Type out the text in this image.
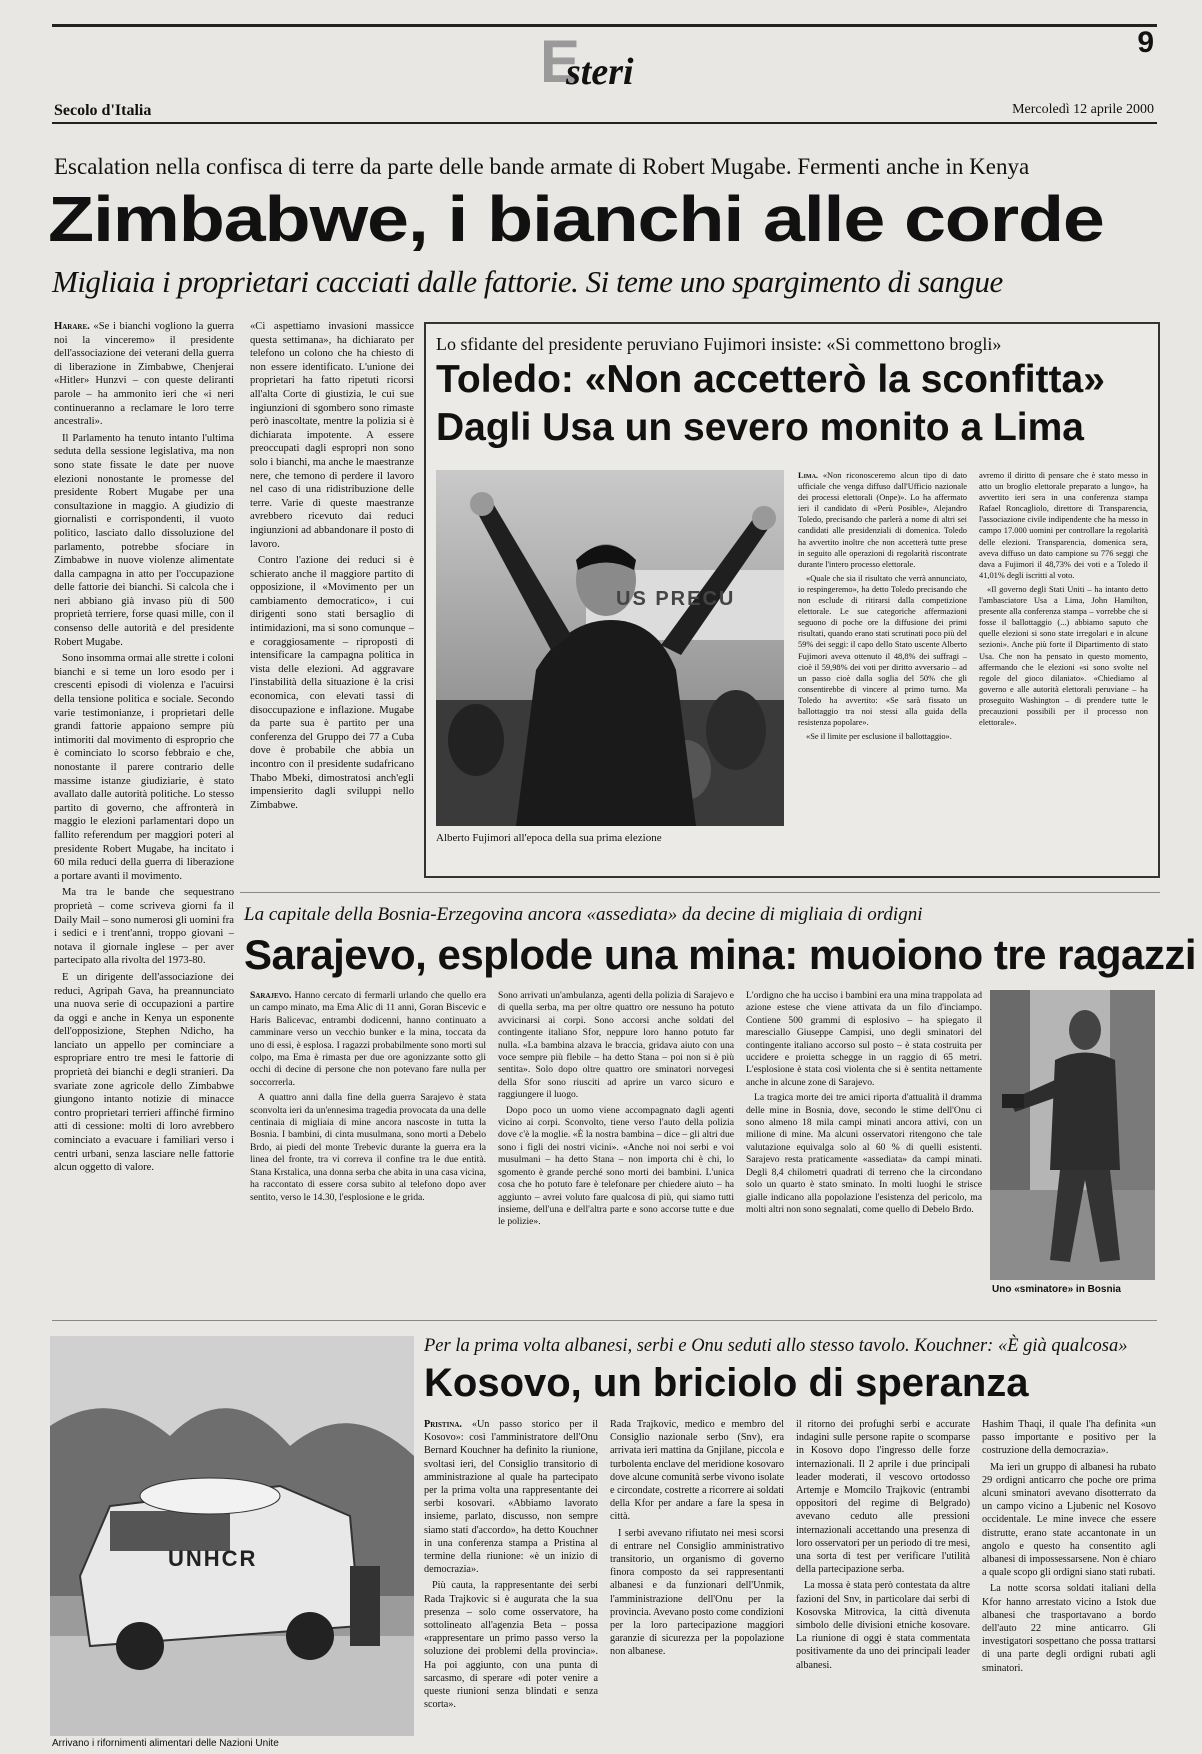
E
steri
9
Secolo d'Italia	Mercoledì 12 aprile 2000
Escalation nella confisca di terre da parte delle bande armate di Robert Mugabe. Fermenti anche in Kenya
Zimbabwe, i bianchi alle corde
Migliaia i proprietari cacciati dalle fattorie. Si teme uno spargimento di sangue

Harare. «Se i bianchi vogliono la guerra noi la vinceremo» il presidente dell'associazione dei veterani della guerra di liberazione in Zimbabwe, Chenjerai «Hitler» Hunzvi – con queste deliranti parole – ha ammonito ieri che «i neri continueranno a reclamare le loro terre ancestrali».

Il Parlamento ha tenuto intanto l'ultima seduta della sessione legislativa, ma non sono state fissate le date per nuove elezioni nonostante le promesse del presidente Robert Mugabe per una consultazione in maggio. A giudizio di giornalisti e corrispondenti, il vuoto politico, lasciato dallo dissoluzione del parlamento, potrebbe sfociare in Zimbabwe in nuove violenze alimentate dalla campagna in atto per l'occupazione delle fattorie dei bianchi. Si calcola che i neri abbiano già invaso più di 500 proprietà terriere, forse quasi mille, con il consenso delle autorità e del presidente Robert Mugabe.

Sono insomma ormai alle strette i coloni bianchi e si teme un loro esodo per i crescenti episodi di violenza e l'acuirsi della tensione politica e sociale. Secondo varie testimonianze, i proprietari delle grandi fattorie appaiono sempre più intimoriti dal movimento di esproprio che è cominciato lo scorso febbraio e che, nonostante il parere contrario delle massime istanze giudiziarie, è stato avallato dalle autorità politiche. Lo stesso partito di governo, che affronterà in maggio le elezioni parlamentari dopo un fallito referendum per maggiori poteri al presidente Robert Mugabe, ha incitato i 60 mila reduci della guerra di liberazione a portare avanti il movimento.

Ma tra le bande che sequestrano proprietà – come scriveva giorni fa il Daily Mail – sono numerosi gli uomini fra i sedici e i trent'anni, troppo giovani – notava il giornale inglese – per aver partecipato alla rivolta del 1973-80.

E un dirigente dell'associazione dei reduci, Agripah Gava, ha preannunciato una nuova serie di occupazioni a partire da oggi e anche in Kenya un esponente dell'opposizione, Stephen Ndicho, ha lanciato un appello per cominciare a espropriare entro tre mesi le fattorie di proprietà dei bianchi e degli stranieri. Da svariate zone agricole dello Zimbabwe giungono intanto notizie di minacce contro proprietari terrieri affinché firmino atti di cessione: molti di loro avrebbero cominciato a evacuare i familiari verso i centri urbani, senza lasciare nelle fattorie alcun oggetto di valore.

«Ci aspettiamo invasioni massicce questa settimana», ha dichiarato per telefono un colono che ha chiesto di non essere identificato. L'unione dei proprietari ha fatto ripetuti ricorsi all'alta Corte di giustizia, le cui sue ingiunzioni di sgombero sono rimaste però inascoltate, mentre la polizia si è dichiarata impotente. A essere preoccupati dagli espropri non sono solo i bianchi, ma anche le maestranze nere, che temono di perdere il lavoro nel caso di una ridistribuzione delle terre. Varie di queste maestranze avrebbero ricevuto dai reduci ingiunzioni ad abbandonare il posto di lavoro.

Contro l'azione dei reduci si è schierato anche il maggiore partito di opposizione, il «Movimento per un cambiamento democratico», i cui dirigenti sono stati bersaglio di intimidazioni, ma si sono comunque – e coraggiosamente – riproposti di intensificare la campagna politica in vista delle elezioni. Ad aggravare l'instabilità della situazione è la crisi economica, con elevati tassi di disoccupazione e inflazione. Mugabe da parte sua è partito per una conferenza del Gruppo dei 77 a Cuba dove è probabile che abbia un incontro con il presidente sudafricano Thabo Mbeki, dimostratosi anch'egli impensierito dagli sviluppi nello Zimbabwe.

Lo sfidante del presidente peruviano Fujimori insiste: «Si commettono brogli»
Toledo: «Non accetterò la sconfitta»
Dagli Usa un severo monito a Lima
US PRECU
Alberto Fujimori all'epoca della sua prima elezione

Lima. «Non riconosceremo alcun tipo di dato ufficiale che venga diffuso dall'Ufficio nazionale dei processi elettorali (Onpe)». Lo ha affermato ieri il candidato di «Perù Posible», Alejandro Toledo, precisando che parlerà a nome di altri sei candidati alle presidenziali di domenica. Toledo ha avvertito inoltre che non accetterà tutte prese in seguito alle operazioni di regolarità riscontrate durante l'intero processo elettorale.

«Quale che sia il risultato che verrà annunciato, io respingeremo», ha detto Toledo precisando che non esclude di ritirarsi dalla competizione elettorale. Le sue categoriche affermazioni seguono di poche ore la diffusione dei primi risultati, quando erano stati scrutinati poco più del 59% dei seggi: il capo dello Stato uscente Alberto Fujimori aveva ottenuto il 48,8% dei suffragi – cioè il 59,98% dei voti per diritto avversario – ad un passo cioè dalla soglia del 50% che gli consentirebbe di vincere al primo turno. Ma Toledo ha avvertito: «Se sarà fissato un ballottaggio tra noi stessi alla guida della resistenza popolare».

«Se il limite per esclusione il ballottaggio».

avremo il diritto di pensare che è stato messo in atto un broglio elettorale preparato a lungo», ha avvertito ieri sera in una conferenza stampa Rafael Roncagliolo, direttore di Transparencia, l'associazione civile indipendente che ha messo in campo 17.000 uomini per controllare la regolarità delle elezioni. Transparencia, domenica sera, aveva diffuso un dato campione su 776 seggi che dava a Fujimori il 48,73% dei voti e a Toledo il 41,01% degli iscritti al voto.

«Il governo degli Stati Uniti – ha intanto detto l'ambasciatore Usa a Lima, John Hamilton, presente alla conferenza stampa – vorrebbe che si fosse il ballottaggio (...) abbiamo saputo che quelle elezioni si sono state irregolari e in alcune sezioni». Anche più forte il Dipartimento di stato Usa. Che non ha pensato in questo momento, affermando che le elezioni «si sono svolte nel regole del gioco dilaniato». «Chiediamo al governo e alle autorità elettorali peruviane – ha proseguito Washington – di prendere tutte le precauzioni possibili per il processo non elettorale».

La capitale della Bosnia-Erzegovina ancora «assediata» da decine di migliaia di ordigni
Sarajevo, esplode una mina: muoiono tre ragazzi

Sarajevo. Hanno cercato di fermarli urlando che quello era un campo minato, ma Ema Alic di 11 anni, Goran Biscevic e Haris Balicevac, entrambi dodicenni, hanno continuato a camminare verso un vecchio bunker e la mina, toccata da uno di essi, è esplosa. I ragazzi probabilmente sono morti sul colpo, ma Ema è rimasta per due ore agonizzante sotto gli occhi di decine di persone che non potevano fare nulla per soccorrerla.

A quattro anni dalla fine della guerra Sarajevo è stata sconvolta ieri da un'ennesima tragedia provocata da una delle centinaia di migliaia di mine ancora nascoste in tutta la Bosnia. I bambini, di cinta musulmana, sono morti a Debelo Brdo, ai piedi del monte Trebevic durante la guerra era la linea del fronte, tra vi correva il confine tra le due entità. Stana Krstalica, una donna serba che abita in una casa vicina, ha raccontato di essere corsa subito al telefono dopo aver sentito, verso le 14.30, l'esplosione e le grida.

Sono arrivati un'ambulanza, agenti della polizia di Sarajevo e di quella serba, ma per oltre quattro ore nessuno ha potuto avvicinarsi ai corpi. Sono accorsi anche soldati del contingente italiano Sfor, neppure loro hanno potuto far nulla. «La bambina alzava le braccia, gridava aiuto con una voce sempre più flebile – ha detto Stana – poi non si è più sentita». Solo dopo oltre quattro ore sminatori norvegesi della Sfor sono riusciti ad aprire un varco sicuro e raggiungere il luogo.

Dopo poco un uomo viene accompagnato dagli agenti vicino ai corpi. Sconvolto, tiene verso l'auto della polizia dove c'è la moglie. «È la nostra bambina – dice – gli altri due sono i figli dei nostri vicini». «Anche noi noi serbi e voi musulmani – ha detto Stana – non importa chi è chi, lo sgomento è grande perché sono morti dei bambini. L'unica cosa che ho potuto fare è telefonare per chiedere aiuto – ha aggiunto – avrei voluto fare qualcosa di più, qui siamo tutti insieme, dell'una e dell'altra parte e sono accorse tutte e due le polizie».

L'ordigno che ha ucciso i bambini era una mina trappolata ad azione estese che viene attivata da un filo d'inciampo. Contiene 500 grammi di esplosivo – ha spiegato il maresciallo Giuseppe Campisi, uno degli sminatori del contingente italiano accorso sul posto – è stata costruita per uccidere e proietta schegge in un raggio di 65 metri. L'esplosione è stata così violenta che si è sentita nettamente anche in alcune zone di Sarajevo.

La tragica morte dei tre amici riporta d'attualità il dramma delle mine in Bosnia, dove, secondo le stime dell'Onu ci sono almeno 18 mila campi minati ancora attivi, con un milione di mine. Ma alcuni osservatori ritengono che tale valutazione equivalga solo al 60 % di quelli esistenti. Sarajevo resta praticamente «assediata» da campi minati. Degli 8,4 chilometri quadrati di terreno che la circondano solo un quarto è stato sminato. In molti luoghi le strisce gialle indicano alla popolazione l'esistenza del pericolo, ma molti altri non sono segnalati, come quello di Debelo Brdo.

Uno «sminatore» in Bosnia
UNHCR
Arrivano i rifornimenti alimentari delle Nazioni Unite
Per la prima volta albanesi, serbi e Onu seduti allo stesso tavolo. Kouchner: «È già qualcosa»
Kosovo, un briciolo di speranza

Pristina. «Un passo storico per il Kosovo»: così l'amministratore dell'Onu Bernard Kouchner ha definito la riunione, svoltasi ieri, del Consiglio transitorio di amministrazione al quale ha partecipato per la prima volta una rappresentante dei serbi kosovari. «Abbiamo lavorato insieme, parlato, discusso, non sempre siamo stati d'accordo», ha detto Kouchner in una conferenza stampa a Pristina al termine della riunione: «è un inizio di democrazia».

Più cauta, la rappresentante dei serbi Rada Trajkovic si è augurata che la sua presenza – solo come osservatore, ha sottolineato all'agenzia Beta – possa «rappresentare un primo passo verso la soluzione dei problemi della provincia». Ha poi aggiunto, con una punta di sarcasmo, di sperare «di poter venire a queste riunioni senza blindati e senza scorta».

Rada Trajkovic, medico e membro del Consiglio nazionale serbo (Snv), era arrivata ieri mattina da Gnjilane, piccola e turbolenta enclave del meridione kosovaro dove alcune comunità serbe vivono isolate e circondate, costrette a ricorrere ai soldati della Kfor per andare a fare la spesa in città.

I serbi avevano rifiutato nei mesi scorsi di entrare nel Consiglio amministrativo transitorio, un organismo di governo finora composto da sei rappresentanti albanesi e da funzionari dell'Unmik, l'amministrazione dell'Onu per la provincia. Avevano posto come condizioni per la loro partecipazione maggiori garanzie di sicurezza per la popolazione non albanese.

il ritorno dei profughi serbi e accurate indagini sulle persone rapite o scomparse in Kosovo dopo l'ingresso delle forze internazionali. Il 2 aprile i due principali leader moderati, il vescovo ortodosso Artemje e Momcilo Trajkovic (entrambi oppositori del regime di Belgrado) avevano ceduto alle pressioni internazionali accettando una presenza di loro osservatori per un periodo di tre mesi, una sorta di test per verificare l'utilità della partecipazione serba.

La mossa è stata però contestata da altre fazioni del Snv, in particolare dai serbi di Kosovska Mitrovica, la città divenuta simbolo delle divisioni etniche kosovare. La riunione di oggi è stata commentata positivamente da uno dei principali leader albanesi.

Hashim Thaqi, il quale l'ha definita «un passo importante e positivo per la costruzione della democrazia».

Ma ieri un gruppo di albanesi ha rubato 29 ordigni anticarro che poche ore prima alcuni sminatori avevano disotterrato da un campo vicino a Ljubenic nel Kosovo occidentale. Le mine invece che essere distrutte, erano state accantonate in un angolo e questo ha consentito agli albanesi di impossessarsene. Non è chiaro a quale scopo gli ordigni siano stati rubati.

La notte scorsa soldati italiani della Kfor hanno arrestato vicino a Istok due albanesi che trasportavano a bordo dell'auto 22 mine anticarro. Gli investigatori sospettano che possa trattarsi di una parte degli ordigni rubati agli sminatori.
